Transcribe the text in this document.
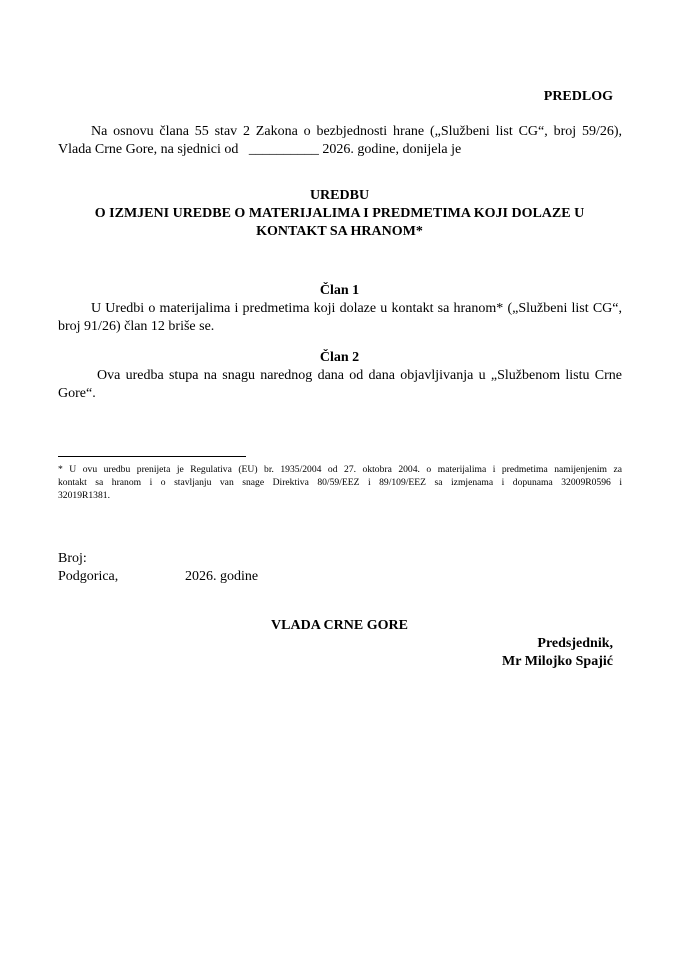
PREDLOG
Na osnovu člana 55 stav 2 Zakona o bezbjednosti hrane („Službeni list CG“, broj 59/26),
Vlada Crne Gore, na sjednici od   __________ 2026. godine, donijela je
UREDBU
O IZMJENI UREDBE O MATERIJALIMA I PREDMETIMA KOJI DOLAZE U
KONTAKT SA HRANOM*
Član 1
U Uredbi o materijalima i predmetima koji dolaze u kontakt sa hranom* („Službeni list CG“,
broj 91/26) član 12 briše se.
Član 2
Ova uredba stupa na snagu narednog dana od dana objavljivanja u „Službenom listu Crne
Gore“.
* U ovu uredbu prenijeta je Regulativa (EU) br. 1935/2004 od 27. oktobra 2004. o materijalima i predmetima namijenjenim za
kontakt sa hranom i o stavljanju van snage Direktiva 80/59/EEZ i 89/109/EEZ sa izmjenama i dopunama 32009R0596 i
32019R1381.
Broj:
Podgorica,	2026. godine
VLADA CRNE GORE
Predsjednik,
Mr Milojko Spajić
